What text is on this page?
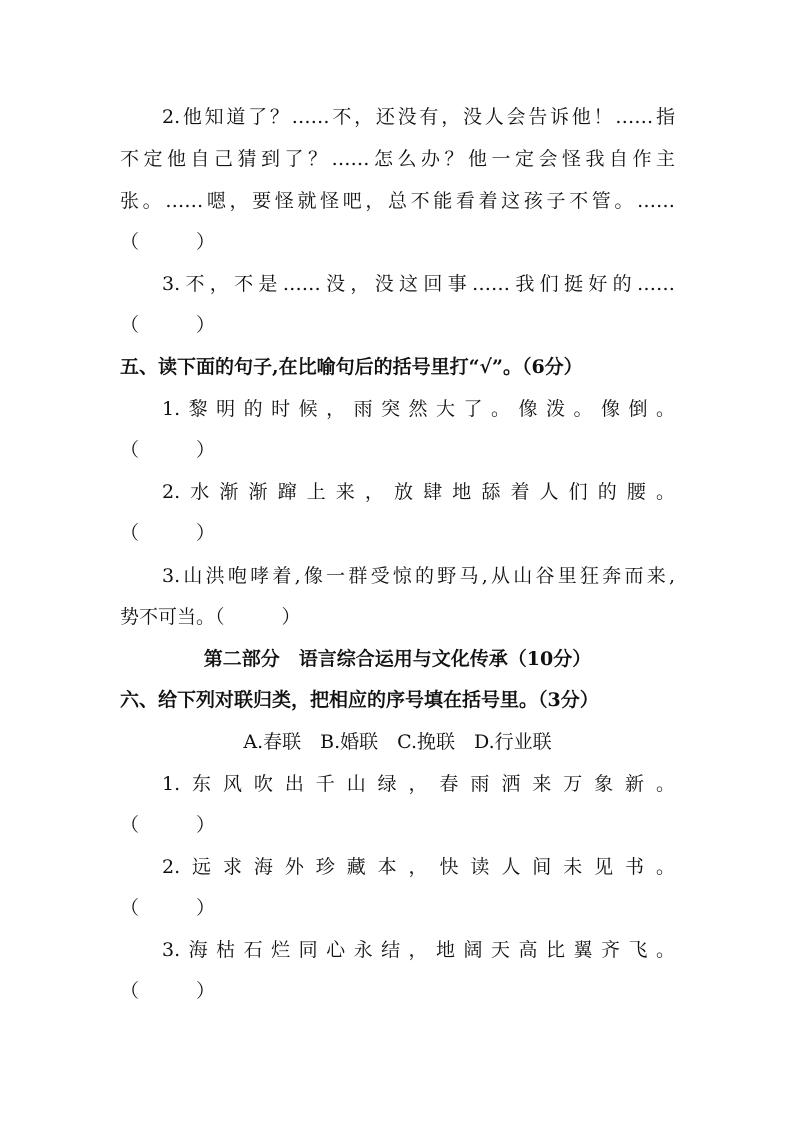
2.他知道了？……不，还没有，没人会告诉他！……指
不定他自己猜到了？……怎么办？他一定会怪我自作主
张。……嗯，要怪就怪吧，总不能看着这孩子不管。……
（　　　）
3.不，不是……没，没这回事……我们挺好的……
（　　　）
五、读下面的句子,在比喻句后的括号里打“√”。（6分）
1.黎明的时候，雨突然大了。像泼。像倒。
（　　　）
2.水渐渐蹿上来，放肆地舔着人们的腰。
（　　　）
3.山洪咆哮着,像一群受惊的野马,从山谷里狂奔而来,
势不可当。（　　　）
第二部分　语言综合运用与文化传承（10分）
六、给下列对联归类，把相应的序号填在括号里。（3分）
A.春联　B.婚联　C.挽联　D.行业联
1.东风吹出千山绿，春雨洒来万象新。
（　　　）
2.远求海外珍藏本，快读人间未见书。
（　　　）
3.海枯石烂同心永结，地阔天高比翼齐飞。
（　　　）
